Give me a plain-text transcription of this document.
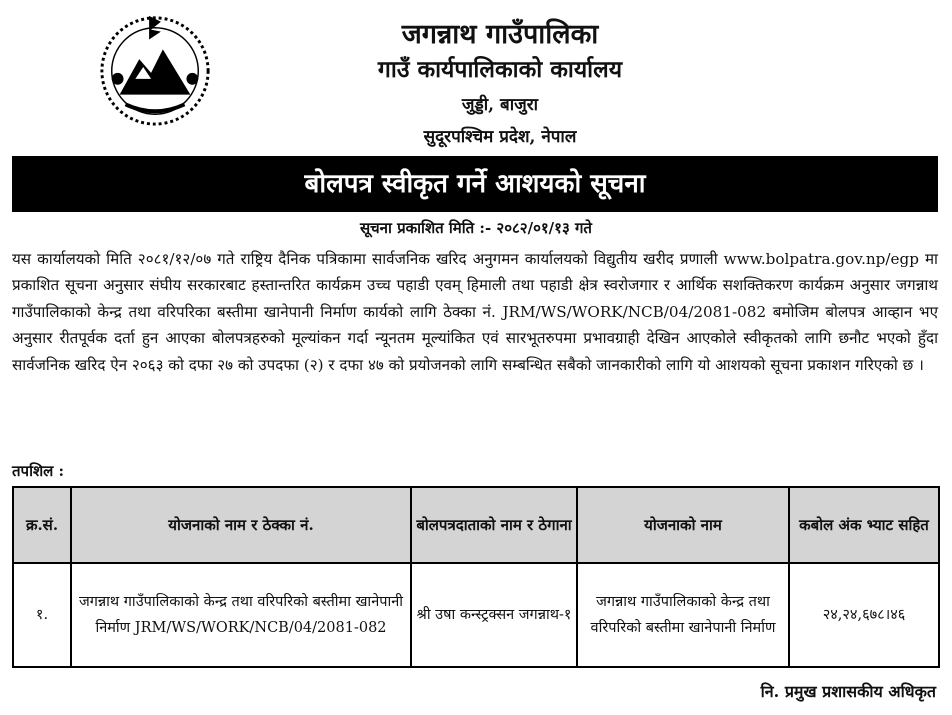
जगन्नाथ गाउँपालिका
गाउँ कार्यपालिकाको कार्यालय
जुड्डी, बाजुरा
सुदूरपश्चिम प्रदेश, नेपाल
बोलपत्र स्वीकृत गर्ने आशयको सूचना
सूचना प्रकाशित मिति :- २०८२/०१/१३ गते

यस कार्यालयको मिति २०८१/१२/०७ गते राष्ट्रिय दैनिक पत्रिकामा सार्वजनिक खरिद अनुगमन कार्यालयको विद्युतीय खरीद प्रणाली www.bolpatra.gov.np/egp मा प्रकाशित सूचना अनुसार संघीय सरकारबाट हस्तान्तरित कार्यक्रम उच्च पहाडी एवम् हिमाली तथा पहाडी क्षेत्र स्वरोजगार र आर्थिक सशक्तिकरण कार्यक्रम अनुसार जगन्नाथ गाउँपालिकाको केन्द्र तथा वरिपरिका बस्तीमा खानेपानी निर्माण कार्यको लागि ठेक्का नं. JRM/WS/WORK/NCB/04/2081-082 बमोजिम बोलपत्र आव्हान भए अनुसार रीतपूर्वक दर्ता हुन आएका बोलपत्रहरुको मूल्यांकन गर्दा न्यूनतम मूल्यांकित एवं सारभूतरुपमा प्रभावग्राही देखिन आएकोले स्वीकृतको लागि छनौट भएको हुँदा सार्वजनिक खरिद ऐन २०६३ को दफा २७ को उपदफा (२) र दफा ४७ को प्रयोजनको लागि सम्बन्धित सबैको जानकारीको लागि यो आशयको सूचना प्रकाशन गरिएको छ ।

तपशिल :
क्र.सं.	योजनाको नाम र ठेक्का नं.	बोलपत्रदाताको नाम र ठेगाना	योजनाको नाम	कबोल अंक भ्याट सहित
१.	जगन्नाथ गाउँपालिकाको केन्द्र तथा वरिपरिको बस्तीमा खानेपानी निर्माण JRM/WS/WORK/NCB/04/2081-082	श्री उषा कन्स्ट्रक्सन जगन्नाथ-१	जगन्नाथ गाउँपालिकाको केन्द्र तथा वरिपरिको बस्तीमा खानेपानी निर्माण	२४,२४,६७८।४६
नि. प्रमुख प्रशासकीय अधिकृत
